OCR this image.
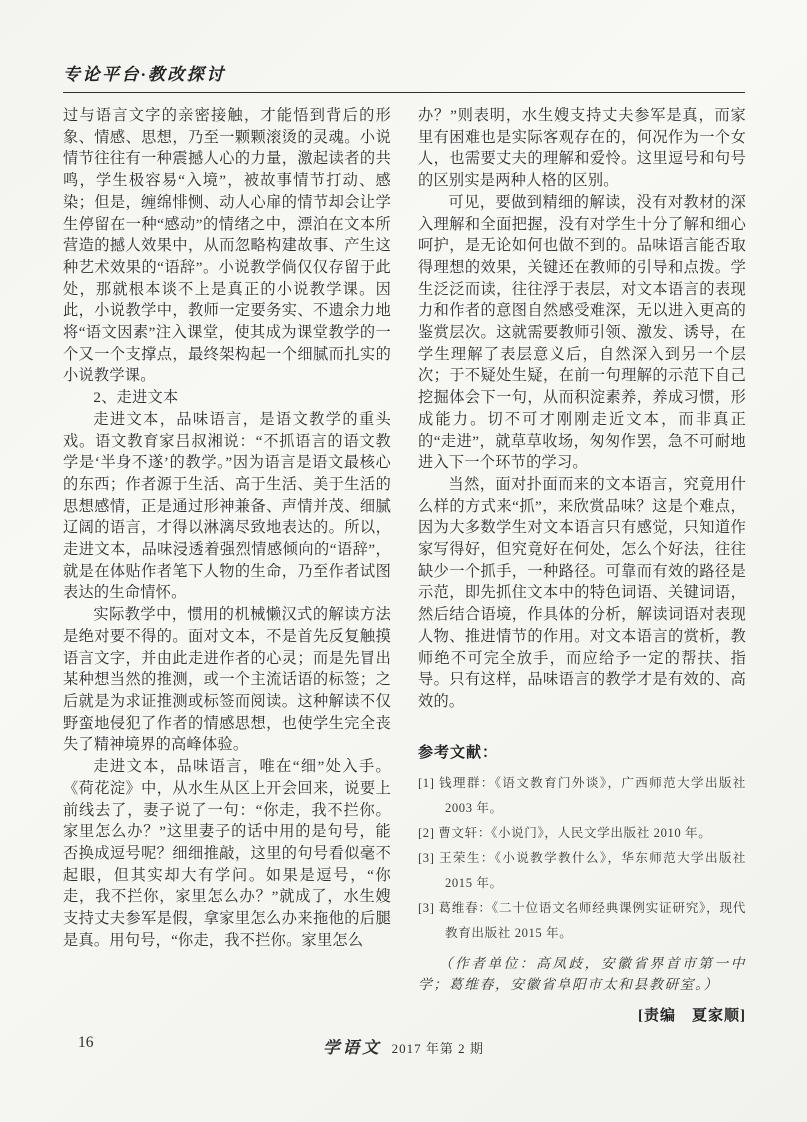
专论平台·教改探讨

过与语言文字的亲密接触，才能悟到背后的形象、情感、思想，乃至一颗颗滚烫的灵魂。小说情节往往有一种震撼人心的力量，激起读者的共鸣，学生极容易“入境”，被故事情节打动、感染；但是，缠绵悱恻、动人心扉的情节却会让学生停留在一种“感动”的情绪之中，漂泊在文本所营造的撼人效果中，从而忽略构建故事、产生这种艺术效果的“语辞”。小说教学倘仅仅存留于此处，那就根本谈不上是真正的小说教学课。因此，小说教学中，教师一定要务实、不遗余力地将“语文因素”注入课堂，使其成为课堂教学的一个又一个支撑点，最终架构起一个细腻而扎实的小说教学课。

2、走进文本

走进文本，品味语言，是语文教学的重头戏。语文教育家吕叔湘说：“不抓语言的语文教学是‘半身不遂’的教学。”因为语言是语文最核心的东西；作者源于生活、高于生活、美于生活的思想感情，正是通过形神兼备、声情并茂、细腻辽阔的语言，才得以淋漓尽致地表达的。所以，走进文本，品味浸透着强烈情感倾向的“语辞”，就是在体贴作者笔下人物的生命，乃至作者试图表达的生命情怀。

实际教学中，惯用的机械懒汉式的解读方法是绝对要不得的。面对文本，不是首先反复触摸语言文字，并由此走进作者的心灵；而是先冒出某种想当然的推测，或一个主流话语的标签；之后就是为求证推测或标签而阅读。这种解读不仅野蛮地侵犯了作者的情感思想，也使学生完全丧失了精神境界的高峰体验。

走进文本，品味语言，唯在“细”处入手。《荷花淀》中，从水生从区上开会回来，说要上前线去了，妻子说了一句：“你走，我不拦你。家里怎么办？”这里妻子的话中用的是句号，能否换成逗号呢？细细推敲，这里的句号看似毫不起眼，但其实却大有学问。如果是逗号，“你走，我不拦你，家里怎么办？”就成了，水生嫂支持丈夫参军是假，拿家里怎么办来拖他的后腿是真。用句号，“你走，我不拦你。家里怎么

办？”则表明，水生嫂支持丈夫参军是真，而家里有困难也是实际客观存在的，何况作为一个女人，也需要丈夫的理解和爱怜。这里逗号和句号的区别实是两种人格的区别。

可见，要做到精细的解读，没有对教材的深入理解和全面把握，没有对学生十分了解和细心呵护，是无论如何也做不到的。品味语言能否取得理想的效果，关键还在教师的引导和点拨。学生泛泛而读，往往浮于表层，对文本语言的表现力和作者的意图自然感受难深，无以进入更高的鉴赏层次。这就需要教师引领、激发、诱导，在学生理解了表层意义后，自然深入到另一个层次；于不疑处生疑，在前一句理解的示范下自己挖掘体会下一句，从而积淀素养，养成习惯，形成能力。切不可才刚刚走近文本，而非真正的“走进”，就草草收场，匆匆作罢，急不可耐地进入下一个环节的学习。

当然，面对扑面而来的文本语言，究竟用什么样的方式来“抓”，来欣赏品味？这是个难点，因为大多数学生对文本语言只有感觉，只知道作家写得好，但究竟好在何处，怎么个好法，往往缺少一个抓手，一种路径。可靠而有效的路径是示范，即先抓住文本中的特色词语、关键词语，然后结合语境，作具体的分析，解读词语对表现人物、推进情节的作用。对文本语言的赏析，教师绝不可完全放手，而应给予一定的帮扶、指导。只有这样，品味语言的教学才是有效的、高效的。

参考文献：
[1] 钱理群：《语文教育门外谈》，广西师范大学出版社 2003 年。
[2] 曹文轩：《小说门》，人民文学出版社 2010 年。
[3] 王荣生：《小说教学教什么》，华东师范大学出版社 2015 年。
[3] 葛维春：《二十位语文名师经典课例实证研究》，现代教育出版社 2015 年。
（作者单位：高凤歧，安徽省界首市第一中学；葛维春，安徽省阜阳市太和县教研室。）
[责编　夏家顺]
16	学语文 2017 年第 2 期
